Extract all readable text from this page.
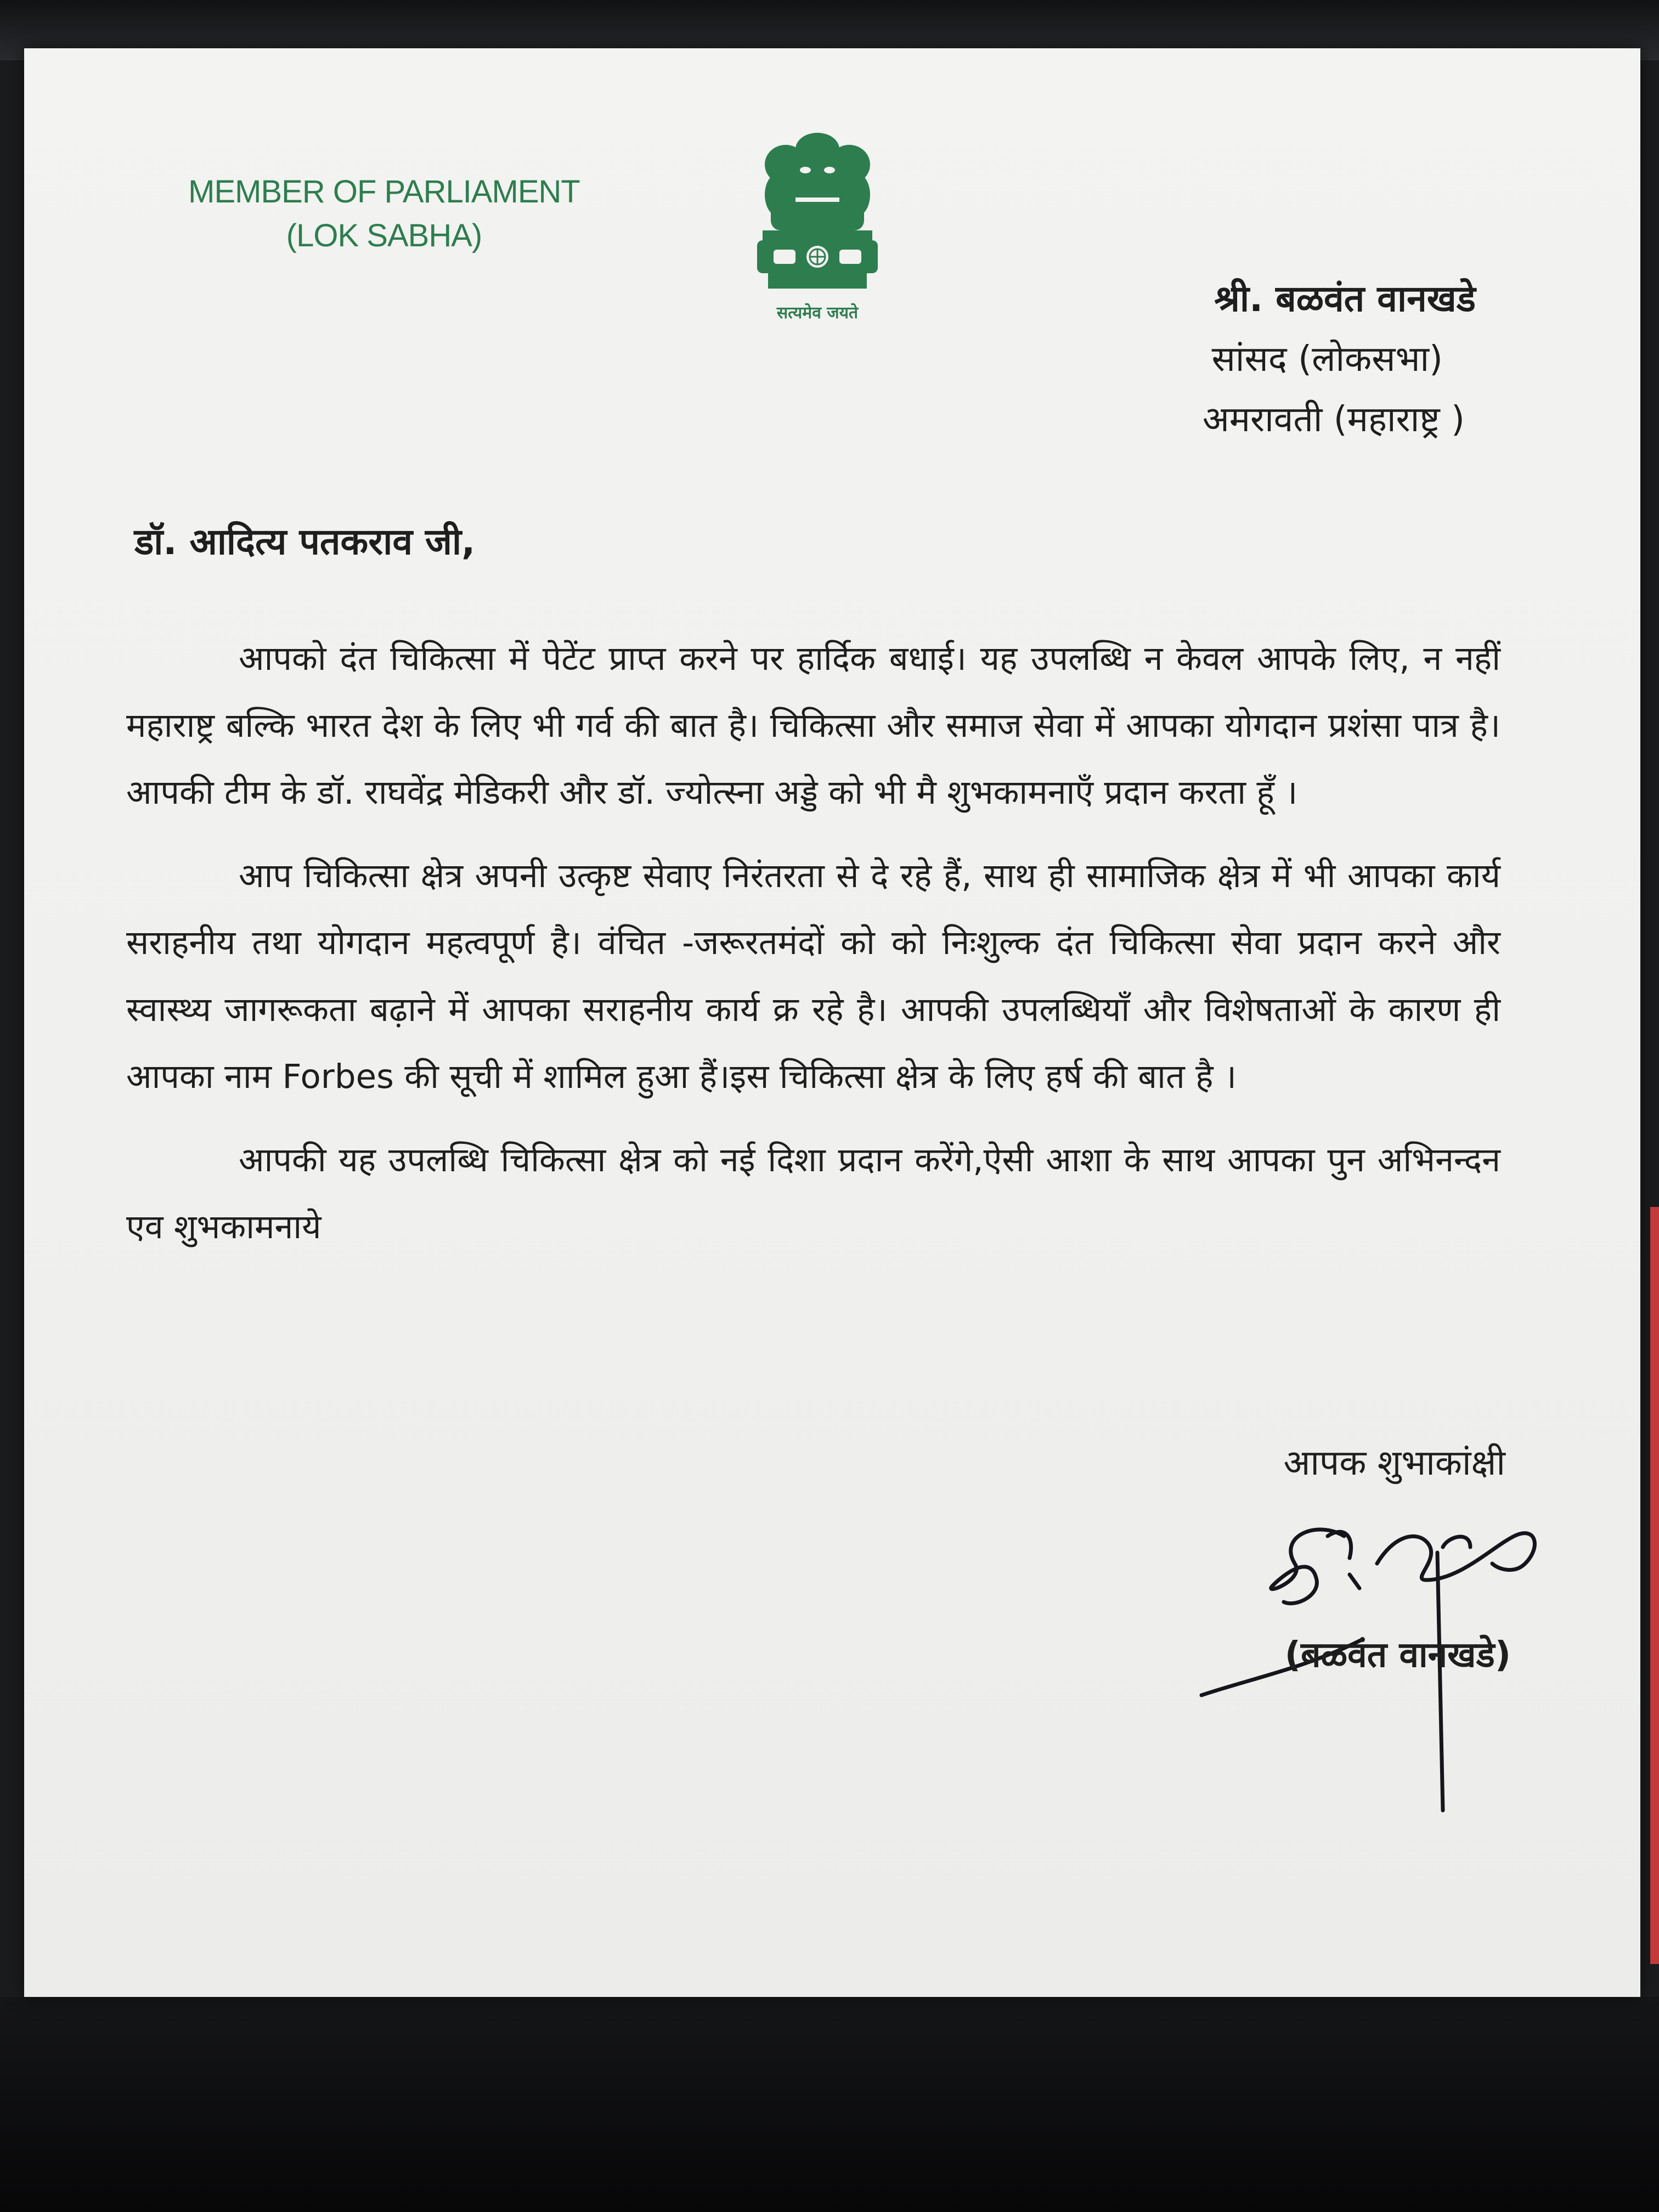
MEMBER OF PARLIAMENT
(LOK SABHA)
सत्यमेव जयते	श्री. बळवंत वानखडे
सांसद (लोकसभा)
अमरावती (महाराष्ट्र )
डॉ. आदित्य पतकराव जी,

आपको दंत चिकित्सा में पेटेंट प्राप्त करने पर हार्दिक बधाई। यह उपलब्धि न केवल आपके लिए, न नहीं महाराष्ट्र बल्कि भारत देश के लिए भी गर्व की बात है। चिकित्सा और समाज सेवा में आपका योगदान प्रशंसा पात्र है। आपकी टीम के डॉ. राघवेंद्र मेडिकरी और डॉ. ज्योत्स्ना अड्डे को भी मै शुभकामनाएँ प्रदान करता हूँ ।

आप चिकित्सा क्षेत्र अपनी उत्कृष्ट सेवाए निरंतरता से दे रहे हैं, साथ ही सामाजिक क्षेत्र में भी आपका कार्य सराहनीय तथा योगदान महत्वपूर्ण है। वंचित -जरूरतमंदों को को निःशुल्क दंत चिकित्सा सेवा प्रदान करने और स्वास्थ्य जागरूकता बढ़ाने में आपका सराहनीय कार्य क्र रहे है। आपकी उपलब्धियाँ और विशेषताओं के कारण ही आपका नाम Forbes की सूची में शामिल हुआ हैं।इस चिकित्सा क्षेत्र के लिए हर्ष की बात है ।

आपकी यह उपलब्धि चिकित्सा क्षेत्र को नई दिशा प्रदान करेंगे,ऐसी आशा के साथ आपका पुन अभिनन्दन एव शुभकामनाये

आपक शुभाकांक्षी
(बळवंत वानखडे)
